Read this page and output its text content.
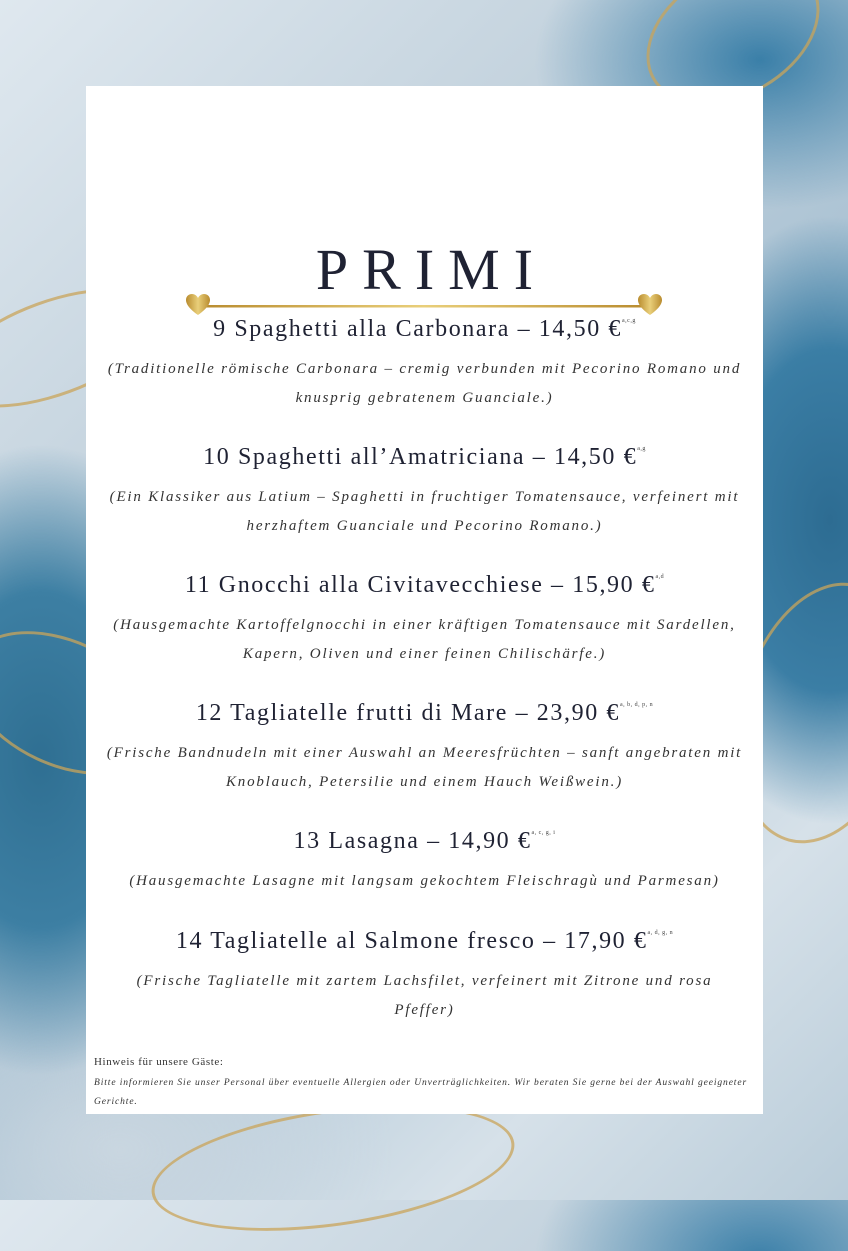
PRIMI
9 Spaghetti alla Carbonara – 14,50 €$^{a,c,g}$
(Traditionelle römische Carbonara – cremig verbunden mit Pecorino Romano und knusprig gebratenem Guanciale.)
10 Spaghetti all’Amatriciana – 14,50 €$^{a,g}$
(Ein Klassiker aus Latium – Spaghetti in fruchtiger Tomatensauce, verfeinert mit herzhaftem Guanciale und Pecorino Romano.)
11 Gnocchi alla Civitavecchiese – 15,90 €$^{a,d}$
(Hausgemachte Kartoffelgnocchi in einer kräftigen Tomatensauce mit Sardellen, Kapern, Oliven und einer feinen Chilischärfe.)
12 Tagliatelle frutti di Mare – 23,90 €$^{a, b, d, p, n}$
(Frische Bandnudeln mit einer Auswahl an Meeresfrüchten – sanft angebraten mit Knoblauch, Petersilie und einem Hauch Weißwein.)
13 Lasagna – 14,90 €$^{a, c, g, i}$
(Hausgemachte Lasagne mit langsam gekochtem Fleischragù und Parmesan)
14 Tagliatelle al Salmone fresco – 17,90 €$^{a, d, g, n}$
(Frische Tagliatelle mit zartem Lachsfilet, verfeinert mit Zitrone und rosa Pfeffer)
Hinweis für unsere Gäste:
Bitte informieren Sie unser Personal über eventuelle Allergien oder Unverträglichkeiten. Wir beraten Sie gerne bei der Auswahl geeigneter Gerichte.
